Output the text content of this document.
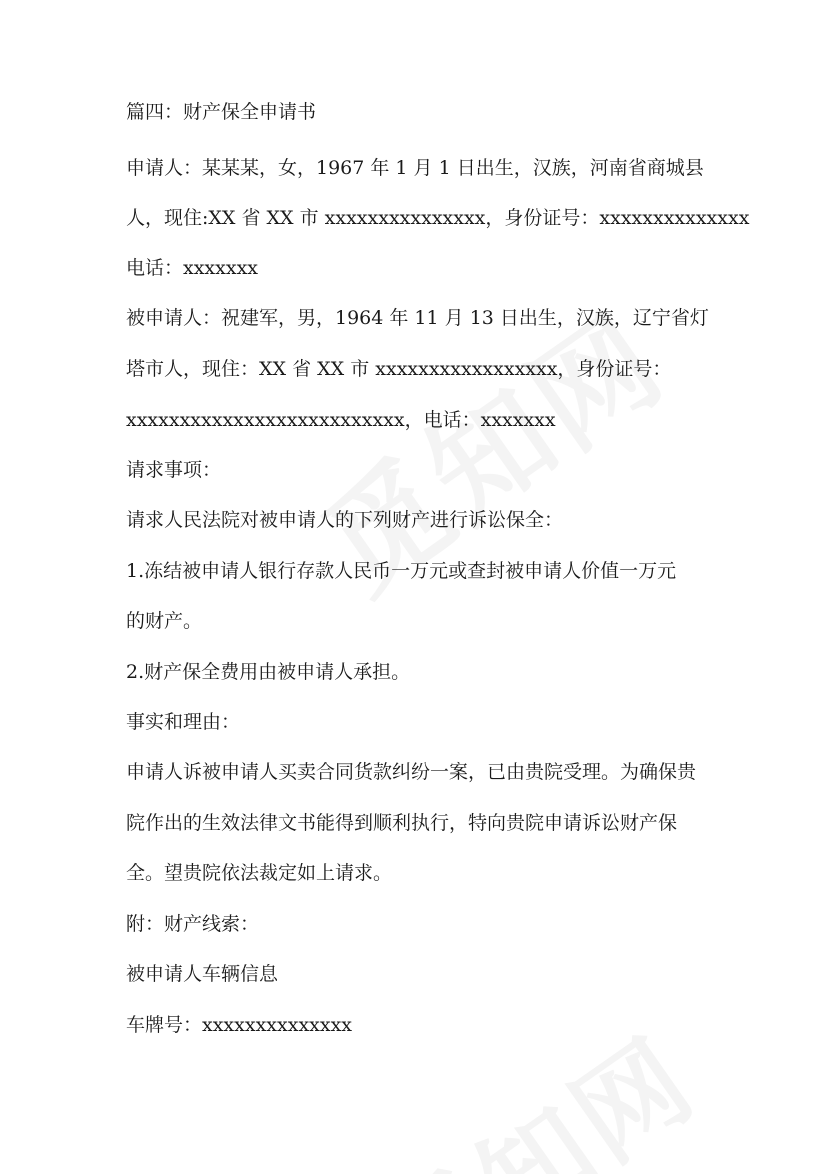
篇四：财产保全申请书
申请人：某某某，女，1967 年 1 月 1 日出生，汉族，河南省商城县
人，现住:XX 省 XX 市 xxxxxxxxxxxxxxx，身份证号：xxxxxxxxxxxxxx
电话：xxxxxxx
被申请人：祝建军，男，1964 年 11 月 13 日出生，汉族，辽宁省灯
塔市人，现住：XX 省 XX 市 xxxxxxxxxxxxxxxxx，身份证号：
xxxxxxxxxxxxxxxxxxxxxxxxxx，电话：xxxxxxx
请求事项：
请求人民法院对被申请人的下列财产进行诉讼保全：
1.冻结被申请人银行存款人民币一万元或查封被申请人价值一万元
的财产。
2.财产保全费用由被申请人承担。
事实和理由：
申请人诉被申请人买卖合同货款纠纷一案，已由贵院受理。为确保贵
院作出的生效法律文书能得到顺利执行，特向贵院申请诉讼财产保
全。望贵院依法裁定如上请求。
附：财产线索：
被申请人车辆信息
车牌号：xxxxxxxxxxxxxx
